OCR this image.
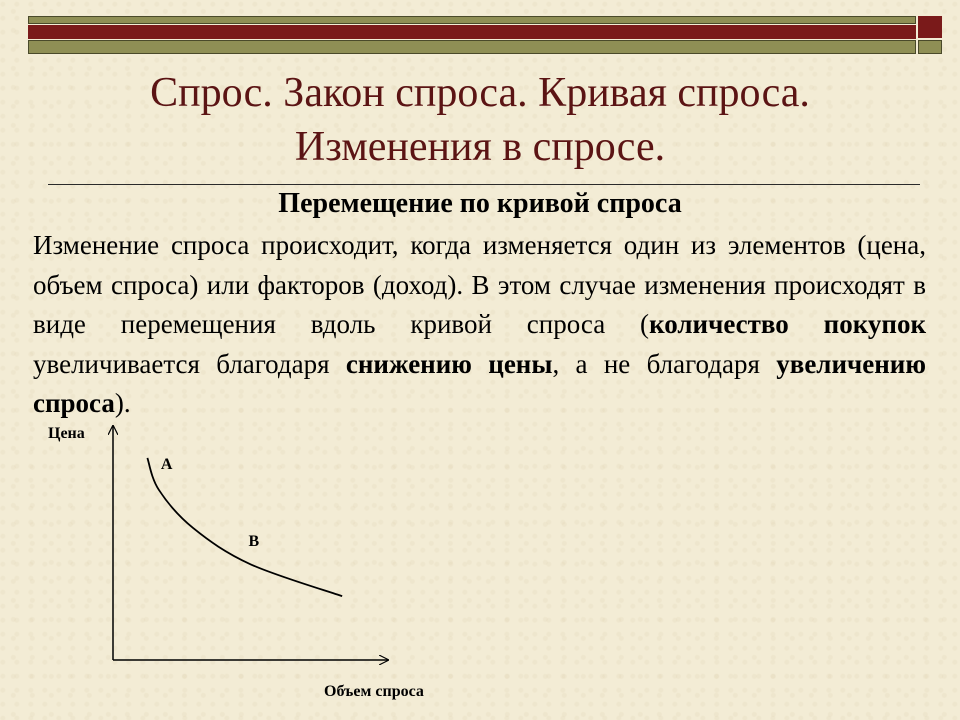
Спрос. Закон спроса. Кривая спроса.
Изменения в спросе.
Перемещение по кривой спроса
Изменение спроса происходит, когда изменяется один из элементов (цена, объем спроса) или факторов (доход). В этом случае изменения происходят в виде перемещения вдоль кривой спроса (количество покупок увеличивается благодаря снижению цены, а не благодаря увеличению спроса).
Цена
Объем спроса
А
В
